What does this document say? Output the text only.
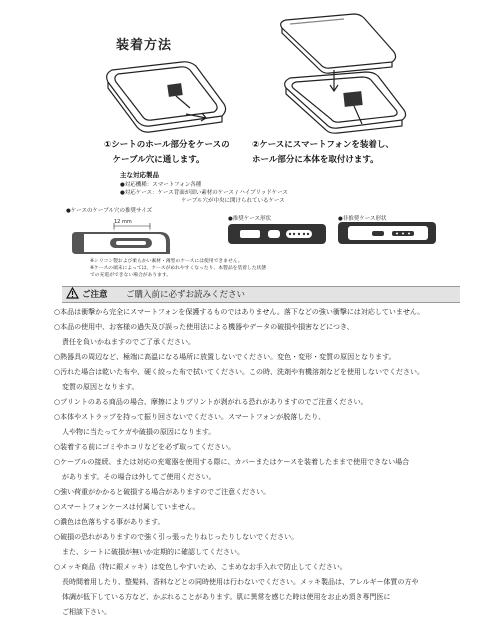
装着方法
①シートのホール部分をケースの
　ケーブル穴に通します。
②ケースにスマートフォンを装着し、
ホール部分に本体を取付けます。
主な対応製品
●対応機種：スマートフォン各種
●対応ケース：ケース背面が固い素材のケース / ハイブリッドケース
ケーブル穴が中央に開けられているケース
●ケースのケーブル穴の推奨サイズ
12 mm
※シリコン製および柔らかい素材・薄型のケースには使用できません。
※ケースの端末によっては、ケースがめれやすくなったり、本製品を装着した状態での充電ができない場合があります。
●推奨ケース形状	●非推奨ケース形状
ご注意 ご購入前に必ずお読みください
○本品は衝撃から完全にスマートフォンを保護するものではありません。落下などの強い衝撃には対応していません。
○本品の使用中、お客様の過失及び誤った使用法による機器やデータの破損や損害などにつき、
責任を負いかねますのでご了承ください。
○熱器具の周辺など、極端に高温になる場所に放置しないでください。変色・変形・変質の原因となります。
○汚れた場合は乾いた布や、硬く絞った布で拭いてください。この時、洗剤や有機溶剤などを使用しないでください。
変質の原因となります。
○プリントのある商品の場合、摩擦によりプリントが剥がれる恐れがありますのでご注意ください。
○本体やストラップを持って振り回さないでください。スマートフォンが脱落したり、
人や物に当たってケガや破損の原因になります。
○装着する前にゴミやホコリなどを必ず取ってください。
○ケーブルの接続、または対応の充電器を使用する際に、カバーまたはケースを装着したままで使用できない場合
があります。その場合は外してご使用ください。
○強い荷重がかかると破損する場合がありますのでご注意ください。
○スマートフォンケースは付属していません。
○濃色は色落ちする事があります。
○破損の恐れがありますので強く引っ張ったりねじったりしないでください。
また、シートに破損が無いか定期的に確認してください。
○メッキ商品（特に銀メッキ）は変色しやすいため、こまめなお手入れで防止してください。
長時間着用したり、整髪料、香料などとの同時使用は行わないでください。メッキ製品は、アレルギー体質の方や
体調が低下している方など、かぶれることがあります。肌に異常を感じた時は使用をお止め頂き専門医に
ご相談下さい。
